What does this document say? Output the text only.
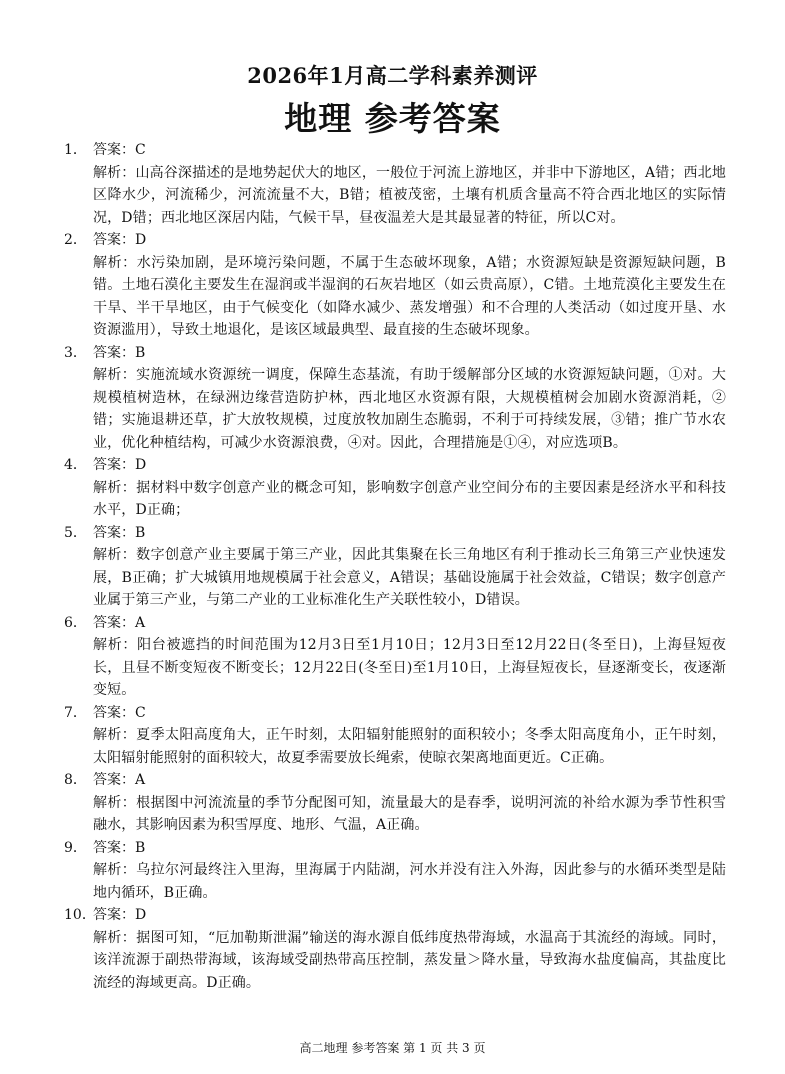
2026年1月高二学科素养测评
地理 参考答案
1． 答案：C
解析：山高谷深描述的是地势起伏大的地区，一般位于河流上游地区，并非中下游地区，A错；西北地区降水少，河流稀少，河流流量不大，B错；植被茂密，土壤有机质含量高不符合西北地区的实际情况，D错；西北地区深居内陆，气候干旱，昼夜温差大是其最显著的特征，所以C对。
2． 答案：D
解析：水污染加剧，是环境污染问题，不属于生态破坏现象，A错；水资源短缺是资源短缺问题，B错。土地石漠化主要发生在湿润或半湿润的石灰岩地区（如云贵高原），C错。土地荒漠化主要发生在干旱、半干旱地区，由于气候变化（如降水减少、蒸发增强）和不合理的人类活动（如过度开垦、水资源滥用），导致土地退化，是该区域最典型、最直接的生态破坏现象。
3． 答案：B
解析：实施流域水资源统一调度，保障生态基流，有助于缓解部分区域的水资源短缺问题，①对。大规模植树造林，在绿洲边缘营造防护林，西北地区水资源有限，大规模植树会加剧水资源消耗，②错；实施退耕还草，扩大放牧规模，过度放牧加剧生态脆弱，不利于可持续发展，③错；推广节水农业，优化种植结构，可减少水资源浪费，④对。因此，合理措施是①④，对应选项B。
4． 答案：D
解析：据材料中数字创意产业的概念可知，影响数字创意产业空间分布的主要因素是经济水平和科技水平，D正确；
5． 答案：B
解析：数字创意产业主要属于第三产业，因此其集聚在长三角地区有利于推动长三角第三产业快速发展，B正确；扩大城镇用地规模属于社会意义，A错误；基础设施属于社会效益，C错误；数字创意产业属于第三产业，与第二产业的工业标准化生产关联性较小，D错误。
6． 答案：A
解析：阳台被遮挡的时间范围为12月3日至1月10日；12月3日至12月22日(冬至日)，上海昼短夜长，且昼不断变短夜不断变长；12月22日(冬至日)至1月10日，上海昼短夜长，昼逐渐变长，夜逐渐变短。
7． 答案：C
解析：夏季太阳高度角大，正午时刻，太阳辐射能照射的面积较小；冬季太阳高度角小，正午时刻，太阳辐射能照射的面积较大，故夏季需要放长绳索，使晾衣架离地面更近。C正确。
8． 答案：A
解析：根据图中河流流量的季节分配图可知，流量最大的是春季，说明河流的补给水源为季节性积雪融水，其影响因素为积雪厚度、地形、气温，A正确。
9． 答案：B
解析：乌拉尔河最终注入里海，里海属于内陆湖，河水并没有注入外海，因此参与的水循环类型是陆地内循环，B正确。
10．
答案：D
解析：据图可知，“厄加勒斯泄漏”输送的海水源自低纬度热带海域，水温高于其流经的海域。同时，该洋流源于副热带海域，该海域受副热带高压控制，蒸发量＞降水量，导致海水盐度偏高，其盐度比流经的海域更高。D正确。
高二地理 参考答案 第 1 页 共 3 页
